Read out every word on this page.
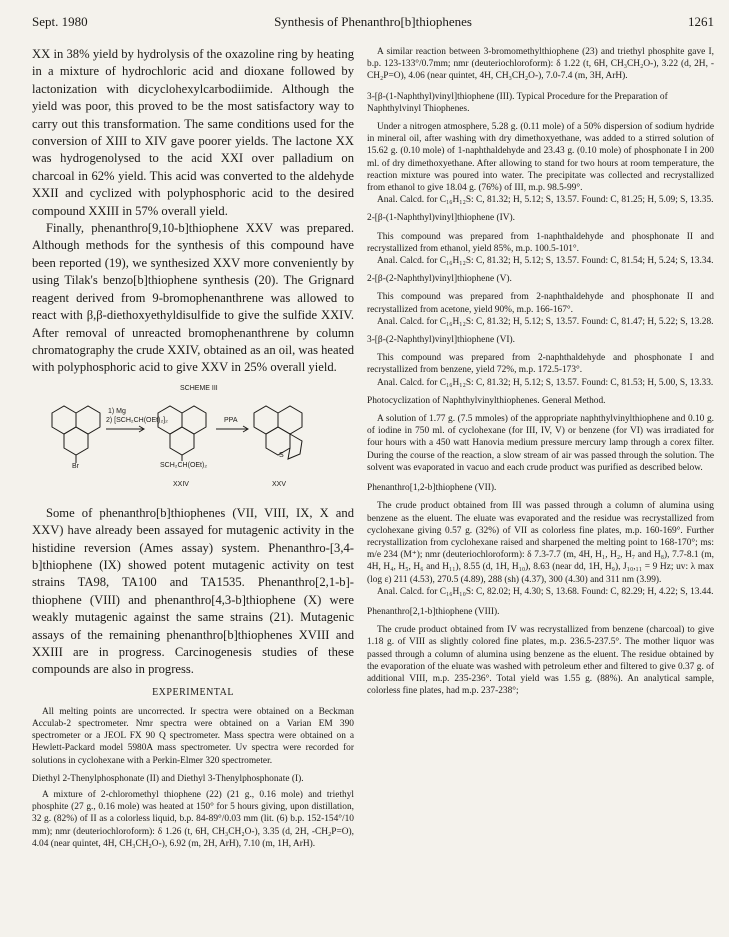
Sept. 1980	Synthesis of Phenanthro[b]thiophenes	1261

XX in 38% yield by hydrolysis of the oxazoline ring by heating in a mixture of hydrochloric acid and dioxane followed by lactonization with dicyclohexylcarbodiimide. Although the yield was poor, this proved to be the most satisfactory way to carry out this transformation. The same conditions used for the conversion of XIII to XIV gave poorer yields. The lactone XX was hydrogenolysed to the acid XXI over palladium on charcoal in 62% yield. This acid was converted to the aldehyde XXII and cyclized with polyphosphoric acid to the desired compound XXIII in 57% overall yield.

Finally, phenanthro[9,10-b]thiophene XXV was prepared. Although methods for the synthesis of this compound have been reported (19), we synthesized XXV more conveniently by using Tilak's benzo[b]thiophene synthesis (20). The Grignard reagent derived from 9-bromophenanthrene was allowed to react with β,β-diethoxyethyldisulfide to give the sulfide XXIV. After removal of unreacted bromophenanthrene by column chromatography the crude XXIV, obtained as an oil, was heated with polyphosphoric acid to give XXV in 25% overall yield.

SCHEME III
1) Mg
2) [SCH₂CH(OEt)₂]₂	PPA
Br	SCH₂CH(OEt)₂
S
XXIV	XXV

Some of phenanthro[b]thiophenes (VII, VIII, IX, X and XXV) have already been assayed for mutagenic activity in the histidine reversion (Ames assay) system. Phenanthro-[3,4-b]thiophene (IX) showed potent mutagenic activity on test strains TA98, TA100 and TA1535. Phenanthro[2,1-b]-thiophene (VIII) and phenanthro[4,3-b]thiophene (X) were weakly mutagenic against the same strains (21). Mutagenic assays of the remaining phenanthro[b]thiophenes XVIII and XXIII are in progress. Carcinogenesis studies of these compounds are also in progress.

EXPERIMENTAL

All melting points are uncorrected. Ir spectra were obtained on a Beckman Acculab-2 spectrometer. Nmr spectra were obtained on a Varian EM 390 spectrometer or a JEOL FX 90 Q spectrometer. Mass spectra were obtained on a Hewlett-Packard model 5980A mass spectrometer. Uv spectra were recorded for solutions in cyclohexane with a Perkin-Elmer 320 spectrometer.

Diethyl 2-Thenylphosphonate (II) and Diethyl 3-Thenylphosphonate (I).

A mixture of 2-chloromethyl thiophene (22) (21 g., 0.16 mole) and triethyl phosphite (27 g., 0.16 mole) was heated at 150° for 5 hours giving, upon distillation, 32 g. (82%) of II as a colorless liquid, b.p. 84-89°/0.03 mm (lit. (6) b.p. 152-154°/10 mm); nmr (deuteriochloroform): δ 1.26 (t, 6H, CH₃CH₂O-), 3.35 (d, 2H, -CH₂P=O), 4.04 (near quintet, 4H, CH₃CH₂O-), 6.92 (m, 2H, ArH), 7.10 (m, 1H, ArH).

A similar reaction between 3-bromomethylthiophene (23) and triethyl phosphite gave I, b.p. 123-133°/0.7mm; nmr (deuteriochloroform): δ 1.22 (t, 6H, CH₃CH₂O-), 3.22 (d, 2H, -CH₂P=O), 4.06 (near quintet, 4H, CH₃CH₂O-), 7.0-7.4 (m, 3H, ArH).

3-[β-(1-Naphthyl)vinyl]thiophene (III). Typical Procedure for the Preparation of Naphthylvinyl Thiophenes.

Under a nitrogen atmosphere, 5.28 g. (0.11 mole) of a 50% dispersion of sodium hydride in mineral oil, after washing with dry dimethoxyethane, was added to a stirred solution of 15.62 g. (0.10 mole) of 1-naphthaldehyde and 23.43 g. (0.10 mole) of phosphonate I in 200 ml. of dry dimethoxyethane. After allowing to stand for two hours at room temperature, the reaction mixture was poured into water. The precipitate was collected and recrystallized from ethanol to give 18.04 g. (76%) of III, m.p. 98.5-99°.

Anal. Calcd. for C₁₆H₁₂S: C, 81.32; H, 5.12; S, 13.57. Found: C, 81.25; H, 5.09; S, 13.35.

2-[β-(1-Naphthyl)vinyl]thiophene (IV).

This compound was prepared from 1-naphthaldehyde and phosphonate II and recrystallized from ethanol, yield 85%, m.p. 100.5-101°.

Anal. Calcd. for C₁₆H₁₂S: C, 81.32; H, 5.12; S, 13.57. Found: C, 81.54; H, 5.24; S, 13.34.

2-[β-(2-Naphthyl)vinyl]thiophene (V).

This compound was prepared from 2-naphthaldehyde and phosphonate II and recrystallized from acetone, yield 90%, m.p. 166-167°.

Anal. Calcd. for C₁₆H₁₂S: C, 81.32; H, 5.12; S, 13.57. Found: C, 81.47; H, 5.22; S, 13.28.

3-[β-(2-Naphthyl)vinyl]thiophene (VI).

This compound was prepared from 2-naphthaldehyde and phosphonate I and recrystallized from benzene, yield 72%, m.p. 172.5-173°.

Anal. Calcd. for C₁₆H₁₂S: C, 81.32; H, 5.12; S, 13.57. Found: C, 81.53; H, 5.00, S, 13.33.

Photocyclization of Naphthylvinylthiophenes. General Method.

A solution of 1.77 g. (7.5 mmoles) of the appropriate naphthylvinylthiophene and 0.10 g. of iodine in 750 ml. of cyclohexane (for III, IV, V) or benzene (for VI) was irradiated for four hours with a 450 watt Hanovia medium pressure mercury lamp through a corex filter. During the course of the reaction, a slow stream of air was passed through the solution. The solvent was evaporated in vacuo and each crude product was purified as described below.

Phenanthro[1,2-b]thiophene (VII).

The crude product obtained from III was passed through a column of alumina using benzene as the eluent. The eluate was evaporated and the residue was recrystallized from cyclohexane giving 0.57 g. (32%) of VII as colorless fine plates, m.p. 160-169°. Further recrystallization from cyclohexane raised and sharpened the melting point to 168-170°; ms: m/e 234 (M⁺); nmr (deuteriochloroform): δ 7.3-7.7 (m, 4H, H₁, H₂, H₇ and H₈), 7.7-8.1 (m, 4H, H₄, H₅, H₆ and H₁₁), 8.55 (d, 1H, H₁₀), 8.63 (near dd, 1H, H₉), J₁₀,₁₁ = 9 Hz; uv: λ max (log ε) 211 (4.53), 270.5 (4.89), 288 (sh) (4.37), 300 (4.30) and 311 nm (3.99).

Anal. Calcd. for C₁₆H₁₀S: C, 82.02; H, 4.30; S, 13.68. Found: C, 82.29; H, 4.22; S, 13.44.

Phenanthro[2,1-b]thiophene (VIII).

The crude product obtained from IV was recrystallized from benzene (charcoal) to give 1.18 g. of VIII as slightly colored fine plates, m.p. 236.5-237.5°. The mother liquor was passed through a column of alumina using benzene as the eluent. The residue obtained by the evaporation of the eluate was washed with petroleum ether and filtered to give 0.37 g. of additional VIII, m.p. 235-236°. Total yield was 1.55 g. (88%). An analytical sample, colorless fine plates, had m.p. 237-238°;
